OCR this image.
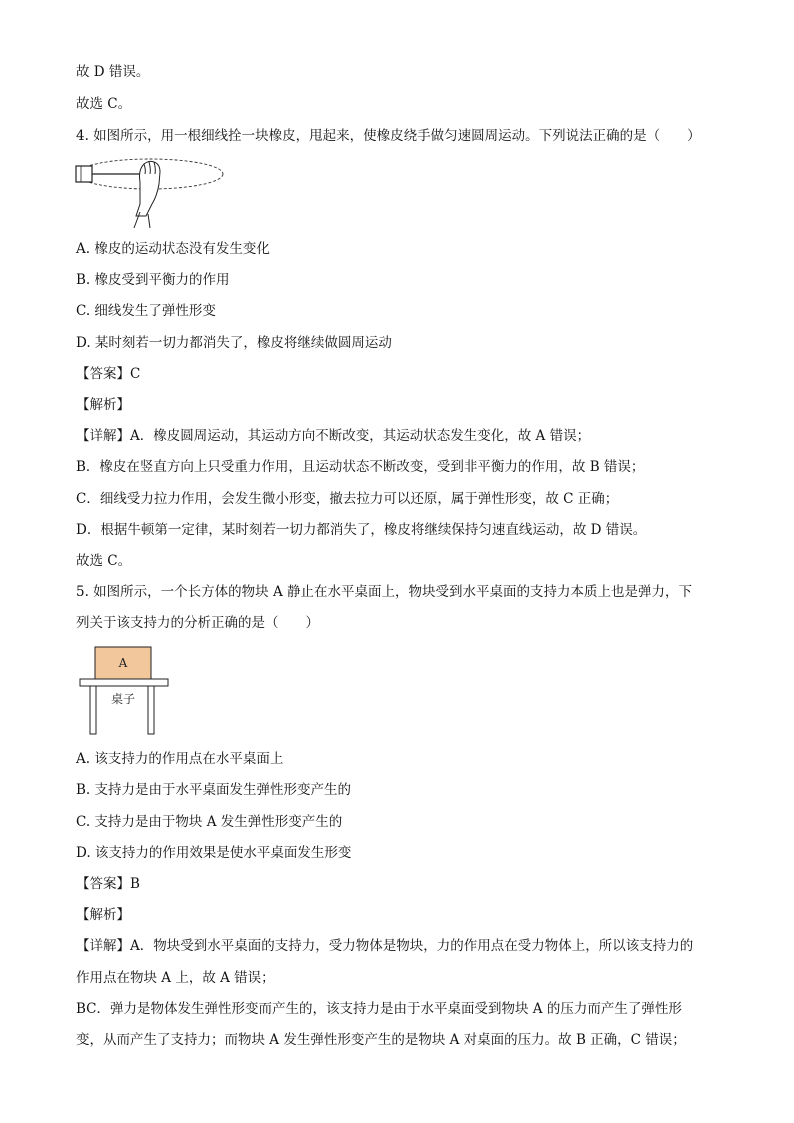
故 D 错误。
故选 C。
4. 如图所示，用一根细线拴一块橡皮，甩起来，使橡皮绕手做匀速圆周运动。下列说法正确的是（　　）
A. 橡皮的运动状态没有发生变化
B. 橡皮受到平衡力的作用
C. 细线发生了弹性形变
D. 某时刻若一切力都消失了，橡皮将继续做圆周运动
【答案】C
【解析】
【详解】A．橡皮圆周运动，其运动方向不断改变，其运动状态发生变化，故 A 错误；
B．橡皮在竖直方向上只受重力作用，且运动状态不断改变，受到非平衡力的作用，故 B 错误；
C．细线受力拉力作用，会发生微小形变，撤去拉力可以还原，属于弹性形变，故 C 正确；
D．根据牛顿第一定律，某时刻若一切力都消失了，橡皮将继续保持匀速直线运动，故 D 错误。
故选 C。
5. 如图所示，一个长方体的物块 A 静止在水平桌面上，物块受到水平桌面的支持力本质上也是弹力，下
列关于该支持力的分析正确的是（　　）
A
桌子
A. 该支持力的作用点在水平桌面上
B. 支持力是由于水平桌面发生弹性形变产生的
C. 支持力是由于物块 A 发生弹性形变产生的
D. 该支持力的作用效果是使水平桌面发生形变
【答案】B
【解析】
【详解】A．物块受到水平桌面的支持力，受力物体是物块，力的作用点在受力物体上，所以该支持力的
作用点在物块 A 上，故 A 错误；
BC．弹力是物体发生弹性形变而产生的，该支持力是由于水平桌面受到物块 A 的压力而产生了弹性形
变，从而产生了支持力；而物块 A 发生弹性形变产生的是物块 A 对桌面的压力。故 B 正确，C 错误；
